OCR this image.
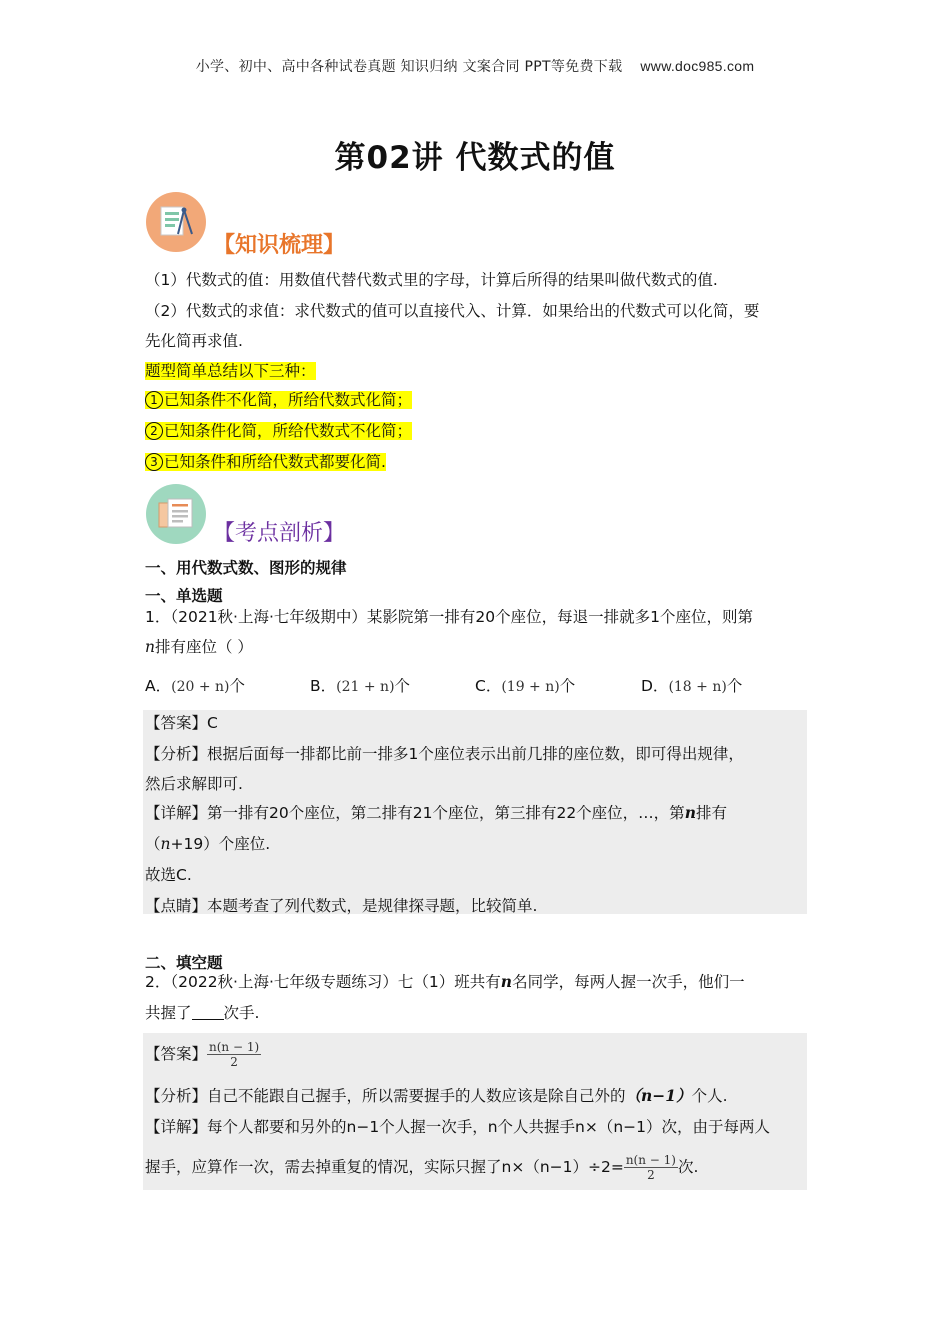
小学、初中、高中各种试卷真题 知识归纳 文案合同 PPT等免费下载 www.doc985.com
第02讲 代数式的值
【知识梳理】
（1）代数式的值：用数值代替代数式里的字母，计算后所得的结果叫做代数式的值.
（2）代数式的求值：求代数式的值可以直接代入、计算．如果给出的代数式可以化简，要
先化简再求值.
题型简单总结以下三种：
1 已知条件不化简，所给代数式化简；
2 已知条件化简，所给代数式不化简；
3 已知条件和所给代数式都要化简.
【考点剖析】
一、用代数式数、图形的规律
一、单选题
1．（2021秋·上海·七年级期中）某影院第一排有20个座位，每退一排就多1个座位，则第
n排有座位（ ）
A．(20 + n)个	B．(21 + n)个	C．(19 + n)个	D．(18 + n)个
【答案】C
【分析】根据后面每一排都比前一排多1个座位表示出前几排的座位数，即可得出规律，
然后求解即可.
【详解】第一排有20个座位，第二排有21个座位，第三排有22个座位，…，第n排有
（n+19）个座位.
故选C.
【点睛】本题考查了列代数式，是规律探寻题，比较简单.
二、填空题
2．（2022秋·上海·七年级专题练习）七（1）班共有n名同学，每两人握一次手，他们一
共握了 次手.
【答案】 $\frac{n(n - 1)}{2}$
【分析】自己不能跟自己握手，所以需要握手的人数应该是除自己外的（n−1）个人.
【详解】每个人都要和另外的n−1个人握一次手，n个人共握手n×（n−1）次，由于每两人
握手，应算作一次，需去掉重复的情况，实际只握了$n\times(n-1)\div 2= \frac{n(n - 1)}{2}$ 次.
